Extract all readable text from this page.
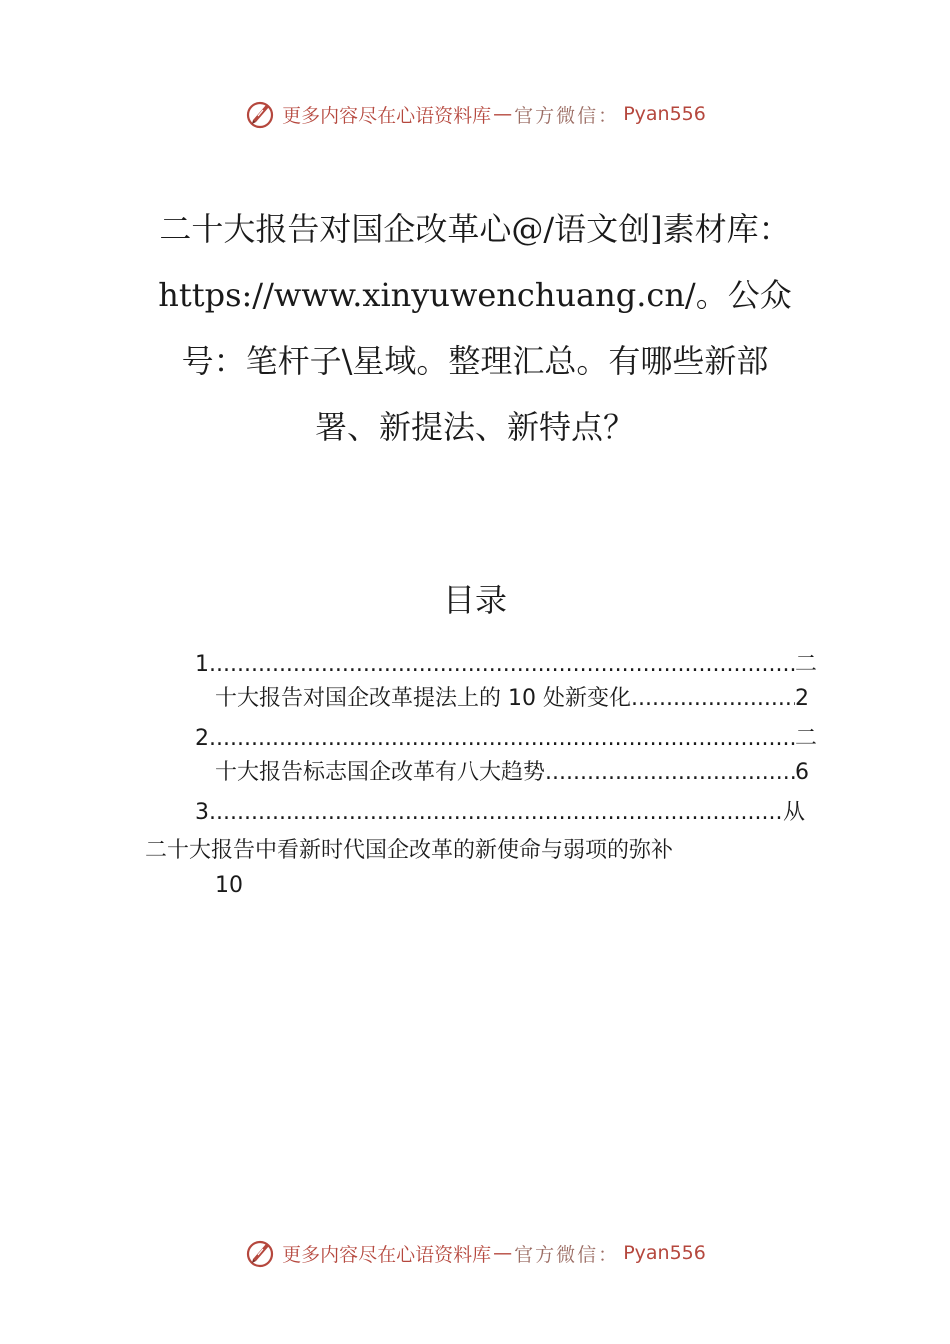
更多内容尽在心语资料库 — 官方微信： Pyan556
二十大报告对国企改革心@/语文创]素材库：https://www.xinyuwenchuang.cn/。公众号：笔杆子\星域。整理汇总。有哪些新部署、新提法、新特点？
目录
1. .....	二
十大报告对国企改革提法上的 10 处新变化 .....	2
2. .....	二
十大报告标志国企改革有八大趋势 .....	6
3. .....	从
二十大报告中看新时代国企改革的新使命与弱项的弥补
10
更多内容尽在心语资料库 — 官方微信： Pyan556
